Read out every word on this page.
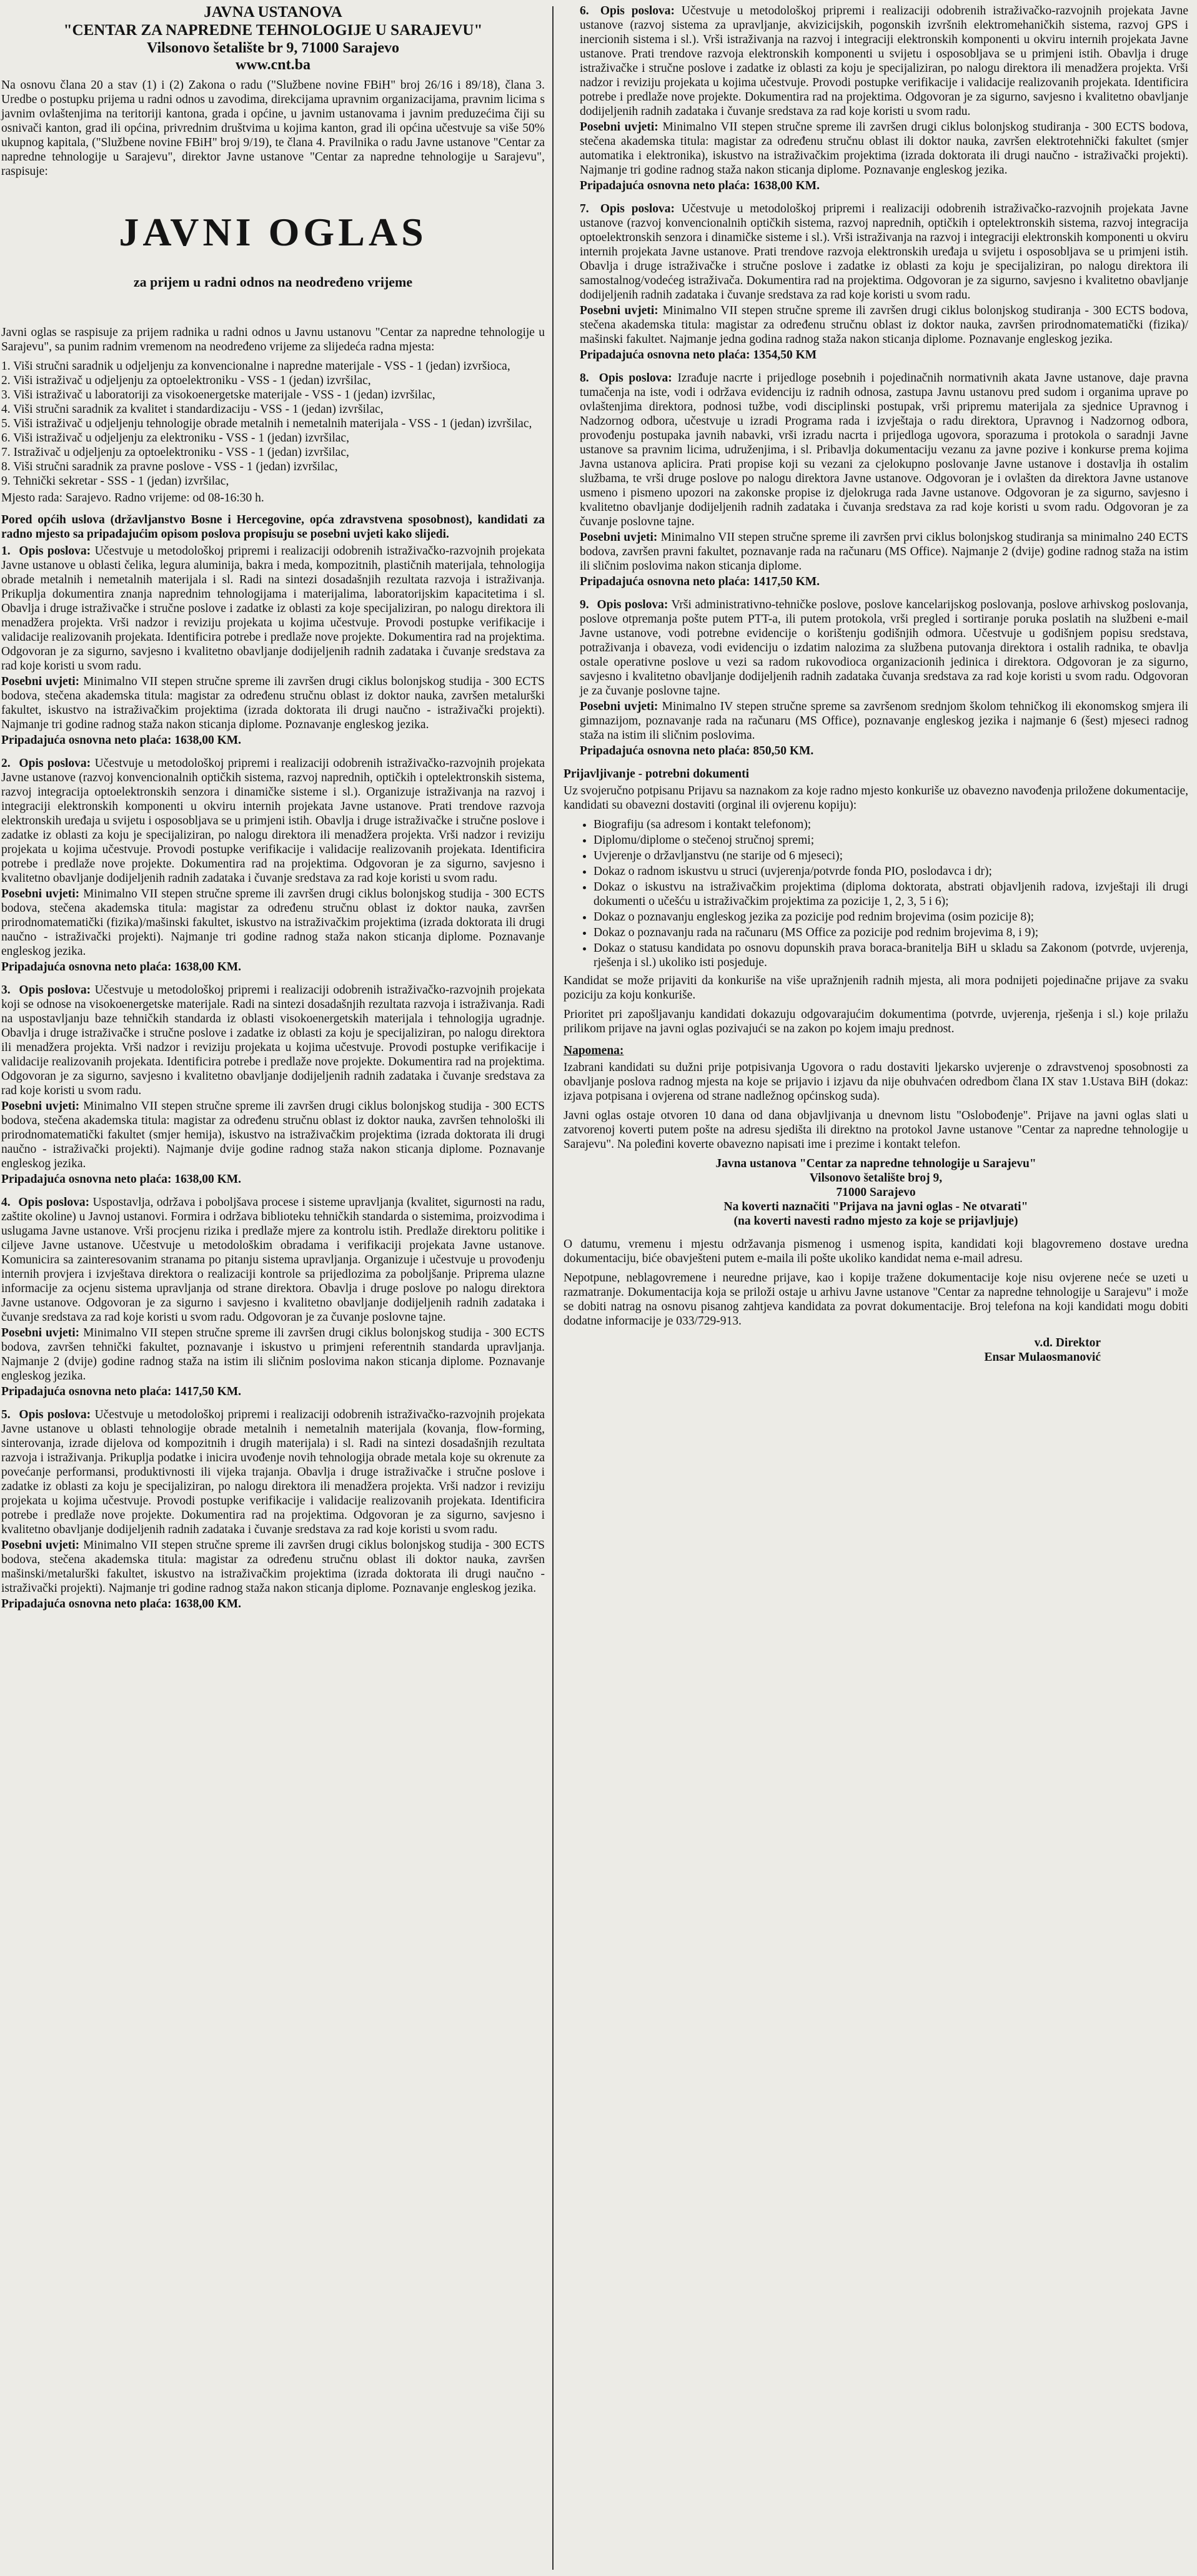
JAVNA USTANOVA

"CENTAR ZA NAPREDNE TEHNOLOGIJE U SARAJEVU"

Vilsonovo šetalište br 9, 71000 Sarajevo

www.cnt.ba

Na osnovu člana 20 a stav (1) i (2) Zakona o radu ("Službene novine FBiH" broj 26/16 i 89/18), člana 3. Uredbe o postupku prijema u radni odnos u zavodima, direkcijama upravnim organizacijama, pravnim licima s javnim ovlaštenjima na teritoriji kantona, grada i općine, u javnim ustanovama i javnim preduzećima čiji su osnivači kanton, grad ili općina, privrednim društvima u kojima kanton, grad ili općina učestvuje sa više 50% ukupnog kapitala, ("Službene novine FBiH" broj 9/19), te člana 4. Pravilnika o radu Javne ustanove "Centar za napredne tehnologije u Sarajevu", direktor Javne ustanove "Centar za napredne tehnologije u Sarajevu", raspisuje:

JAVNI OGLAS
za prijem u radni odnos na neodređeno vrijeme

Javni oglas se raspisuje za prijem radnika u radni odnos u Javnu ustanovu "Centar za napredne tehnologije u Sarajevu", sa punim radnim vremenom na neodređeno vrijeme za slijedeća radna mjesta:

1. Viši stručni saradnik u odjeljenju za konvencionalne i napredne materijale - VSS - 1 (jedan) izvršioca,
2. Viši istraživač u odjeljenju za optoelektroniku - VSS - 1 (jedan) izvršilac,
3. Viši istraživač u laboratoriji za visokoenergetske materijale - VSS - 1 (jedan) izvršilac,
4. Viši stručni saradnik za kvalitet i standardizaciju - VSS - 1 (jedan) izvršilac,
5. Viši istraživač u odjeljenju tehnologije obrade metalnih i nemetalnih materijala - VSS - 1 (jedan) izvršilac,
6. Viši istraživač u odjeljenju za elektroniku - VSS - 1 (jedan) izvršilac,
7. Istraživač u odjeljenju za optoelektroniku - VSS - 1 (jedan) izvršilac,
8. Viši stručni saradnik za pravne poslove - VSS - 1 (jedan) izvršilac,
9. Tehnički sekretar - SSS - 1 (jedan) izvršilac,

Mjesto rada: Sarajevo. Radno vrijeme: od 08-16:30 h.

Pored općih uslova (državljanstvo Bosne i Hercegovine, opća zdravstvena sposobnost), kandidati za radno mjesto sa pripadajućim opisom poslova propisuju se posebni uvjeti kako slijedi.

1. Opis poslova: Učestvuje u metodološkoj pripremi i realizaciji odobrenih istraživačko-razvojnih projekata Javne ustanove u oblasti čelika, legura aluminija, bakra i meda, kompozitnih, plastičnih materijala, tehnologija obrade metalnih i nemetalnih materijala i sl. Radi na sintezi dosadašnjih rezultata razvoja i istraživanja. Prikuplja dokumentira znanja naprednim tehnologijama i materijalima, laboratorijskim kapacitetima i sl. Obavlja i druge istraživačke i stručne poslove i zadatke iz oblasti za koje specijaliziran, po nalogu direktora ili menadžera projekta. Vrši nadzor i reviziju projekata u kojima učestvuje. Provodi postupke verifikacije i validacije realizovanih projekata. Identificira potrebe i predlaže nove projekte. Dokumentira rad na projektima. Odgovoran je za sigurno, savjesno i kvalitetno obavljanje dodijeljenih radnih zadataka i čuvanje sredstava za rad koje koristi u svom radu.

Posebni uvjeti: Minimalno VII stepen stručne spreme ili završen drugi ciklus bolonjskog studija - 300 ECTS bodova, stečena akademska titula: magistar za određenu stručnu oblast iz doktor nauka, završen metalurški fakultet, iskustvo na istraživačkim projektima (izrada doktorata ili drugi naučno - istraživački projekti). Najmanje tri godine radnog staža nakon sticanja diplome. Poznavanje engleskog jezika.

Pripadajuća osnovna neto plaća: 1638,00 KM.

2. Opis poslova: Učestvuje u metodološkoj pripremi i realizaciji odobrenih istraživačko-razvojnih projekata Javne ustanove (razvoj konvencionalnih optičkih sistema, razvoj naprednih, optičkih i optelektronskih sistema, razvoj integracija optoelektronskih senzora i dinamičke sisteme i sl.). Organizuje istraživanja na razvoj i integraciji elektronskih komponenti u okviru internih projekata Javne ustanove. Prati trendove razvoja elektronskih uređaja u svijetu i osposobljava se u primjeni istih. Obavlja i druge istraživačke i stručne poslove i zadatke iz oblasti za koju je specijaliziran, po nalogu direktora ili menadžera projekta. Vrši nadzor i reviziju projekata u kojima učestvuje. Provodi postupke verifikacije i validacije realizovanih projekata. Identificira potrebe i predlaže nove projekte. Dokumentira rad na projektima. Odgovoran je za sigurno, savjesno i kvalitetno obavljanje dodijeljenih radnih zadataka i čuvanje sredstava za rad koje koristi u svom radu.

Posebni uvjeti: Minimalno VII stepen stručne spreme ili završen drugi ciklus bolonjskog studija - 300 ECTS bodova, stečena akademska titula: magistar za određenu stručnu oblast iz doktor nauka, završen prirodnomatematički (fizika)/mašinski fakultet, iskustvo na istraživačkim projektima (izrada doktorata ili drugi naučno - istraživački projekti). Najmanje tri godine radnog staža nakon sticanja diplome. Poznavanje engleskog jezika.

Pripadajuća osnovna neto plaća: 1638,00 KM.

3. Opis poslova: Učestvuje u metodološkoj pripremi i realizaciji odobrenih istraživačko-razvojnih projekata koji se odnose na visokoenergetske materijale. Radi na sintezi dosadašnjih rezultata razvoja i istraživanja. Radi na uspostavljanju baze tehničkih standarda iz oblasti visokoenergetskih materijala i tehnologija ugradnje. Obavlja i druge istraživačke i stručne poslove i zadatke iz oblasti za koju je specijaliziran, po nalogu direktora ili menadžera projekta. Vrši nadzor i reviziju projekata u kojima učestvuje. Provodi postupke verifikacije i validacije realizovanih projekata. Identificira potrebe i predlaže nove projekte. Dokumentira rad na projektima. Odgovoran je za sigurno, savjesno i kvalitetno obavljanje dodijeljenih radnih zadataka i čuvanje sredstava za rad koje koristi u svom radu.

Posebni uvjeti: Minimalno VII stepen stručne spreme ili završen drugi ciklus bolonjskog studija - 300 ECTS bodova, stečena akademska titula: magistar za određenu stručnu oblast iz doktor nauka, završen tehnološki ili prirodnomatematički fakultet (smjer hemija), iskustvo na istraživačkim projektima (izrada doktorata ili drugi naučno - istraživački projekti). Najmanje dvije godine radnog staža nakon sticanja diplome. Poznavanje engleskog jezika.

Pripadajuća osnovna neto plaća: 1638,00 KM.

4. Opis poslova: Uspostavlja, održava i poboljšava procese i sisteme upravljanja (kvalitet, sigurnosti na radu, zaštite okoline) u Javnoj ustanovi. Formira i održava biblioteku tehničkih standarda o sistemima, proizvodima i uslugama Javne ustanove. Vrši procjenu rizika i predlaže mjere za kontrolu istih. Predlaže direktoru politike i ciljeve Javne ustanove. Učestvuje u metodološkim obradama i verifikaciji projekata Javne ustanove. Komunicira sa zainteresovanim stranama po pitanju sistema upravljanja. Organizuje i učestvuje u provođenju internih provjera i izvještava direktora o realizaciji kontrole sa prijedlozima za poboljšanje. Priprema ulazne informacije za ocjenu sistema upravljanja od strane direktora. Obavlja i druge poslove po nalogu direktora Javne ustanove. Odgovoran je za sigurno i savjesno i kvalitetno obavljanje dodijeljenih radnih zadataka i čuvanje sredstava za rad koje koristi u svom radu. Odgovoran je za čuvanje poslovne tajne.

Posebni uvjeti: Minimalno VII stepen stručne spreme ili završen drugi ciklus bolonjskog studija - 300 ECTS bodova, završen tehnički fakultet, poznavanje i iskustvo u primjeni referentnih standarda upravljanja. Najmanje 2 (dvije) godine radnog staža na istim ili sličnim poslovima nakon sticanja diplome. Poznavanje engleskog jezika.

Pripadajuća osnovna neto plaća: 1417,50 KM.

5. Opis poslova: Učestvuje u metodološkoj pripremi i realizaciji odobrenih istraživačko-razvojnih projekata Javne ustanove u oblasti tehnologije obrade metalnih i nemetalnih materijala (kovanja, flow-forming, sinterovanja, izrade dijelova od kompozitnih i drugih materijala) i sl. Radi na sintezi dosadašnjih rezultata razvoja i istraživanja. Prikuplja podatke i inicira uvođenje novih tehnologija obrade metala koje su okrenute za povećanje performansi, produktivnosti ili vijeka trajanja. Obavlja i druge istraživačke i stručne poslove i zadatke iz oblasti za koju je specijaliziran, po nalogu direktora ili menadžera projekta. Vrši nadzor i reviziju projekata u kojima učestvuje. Provodi postupke verifikacije i validacije realizovanih projekata. Identificira potrebe i predlaže nove projekte. Dokumentira rad na projektima. Odgovoran je za sigurno, savjesno i kvalitetno obavljanje dodijeljenih radnih zadataka i čuvanje sredstava za rad koje koristi u svom radu.

Posebni uvjeti: Minimalno VII stepen stručne spreme ili završen drugi ciklus bolonjskog studija - 300 ECTS bodova, stečena akademska titula: magistar za određenu stručnu oblast ili doktor nauka, završen mašinski/metalurški fakultet, iskustvo na istraživačkim projektima (izrada doktorata ili drugi naučno - istraživački projekti). Najmanje tri godine radnog staža nakon sticanja diplome. Poznavanje engleskog jezika.

Pripadajuća osnovna neto plaća: 1638,00 KM.

6. Opis poslova: Učestvuje u metodološkoj pripremi i realizaciji odobrenih istraživačko-razvojnih projekata Javne ustanove (razvoj sistema za upravljanje, akvizicijskih, pogonskih izvršnih elektromehaničkih sistema, razvoj GPS i inercionih sistema i sl.). Vrši istraživanja na razvoj i integraciji elektronskih komponenti u okviru internih projekata Javne ustanove. Prati trendove razvoja elektronskih komponenti u svijetu i osposobljava se u primjeni istih. Obavlja i druge istraživačke i stručne poslove i zadatke iz oblasti za koju je specijaliziran, po nalogu direktora ili menadžera projekta. Vrši nadzor i reviziju projekata u kojima učestvuje. Provodi postupke verifikacije i validacije realizovanih projekata. Identificira potrebe i predlaže nove projekte. Dokumentira rad na projektima. Odgovoran je za sigurno, savjesno i kvalitetno obavljanje dodijeljenih radnih zadataka i čuvanje sredstava za rad koje koristi u svom radu.

Posebni uvjeti: Minimalno VII stepen stručne spreme ili završen drugi ciklus bolonjskog studiranja - 300 ECTS bodova, stečena akademska titula: magistar za određenu stručnu oblast ili doktor nauka, završen elektrotehnički fakultet (smjer automatika i elektronika), iskustvo na istraživačkim projektima (izrada doktorata ili drugi naučno - istraživački projekti). Najmanje tri godine radnog staža nakon sticanja diplome. Poznavanje engleskog jezika.

Pripadajuća osnovna neto plaća: 1638,00 KM.

7. Opis poslova: Učestvuje u metodološkoj pripremi i realizaciji odobrenih istraživačko-razvojnih projekata Javne ustanove (razvoj konvencionalnih optičkih sistema, razvoj naprednih, optičkih i optelektronskih sistema, razvoj integracija optoelektronskih senzora i dinamičke sisteme i sl.). Vrši istraživanja na razvoj i integraciji elektronskih komponenti u okviru internih projekata Javne ustanove. Prati trendove razvoja elektronskih uređaja u svijetu i osposobljava se u primjeni istih. Obavlja i druge istraživačke i stručne poslove i zadatke iz oblasti za koju je specijaliziran, po nalogu direktora ili samostalnog/vodećeg istraživača. Dokumentira rad na projektima. Odgovoran je za sigurno, savjesno i kvalitetno obavljanje dodijeljenih radnih zadataka i čuvanje sredstava za rad koje koristi u svom radu.

Posebni uvjeti: Minimalno VII stepen stručne spreme ili završen drugi ciklus bolonjskog studiranja - 300 ECTS bodova, stečena akademska titula: magistar za određenu stručnu oblast iz doktor nauka, završen prirodnomatematički (fizika)/ mašinski fakultet. Najmanje jedna godina radnog staža nakon sticanja diplome. Poznavanje engleskog jezika.

Pripadajuća osnovna neto plaća: 1354,50 KM

8. Opis poslova: Izrađuje nacrte i prijedloge posebnih i pojedinačnih normativnih akata Javne ustanove, daje pravna tumačenja na iste, vodi i održava evidenciju iz radnih odnosa, zastupa Javnu ustanovu pred sudom i organima uprave po ovlaštenjima direktora, podnosi tužbe, vodi disciplinski postupak, vrši pripremu materijala za sjednice Upravnog i Nadzornog odbora, učestvuje u izradi Programa rada i izvještaja o radu direktora, Upravnog i Nadzornog odbora, provođenju postupaka javnih nabavki, vrši izradu nacrta i prijedloga ugovora, sporazuma i protokola o saradnji Javne ustanove sa pravnim licima, udruženjima, i sl. Pribavlja dokumentaciju vezanu za javne pozive i konkurse prema kojima Javna ustanova aplicira. Prati propise koji su vezani za cjelokupno poslovanje Javne ustanove i dostavlja ih ostalim službama, te vrši druge poslove po nalogu direktora Javne ustanove. Odgovoran je i ovlašten da direktora Javne ustanove usmeno i pismeno upozori na zakonske propise iz djelokruga rada Javne ustanove. Odgovoran je za sigurno, savjesno i kvalitetno obavljanje dodijeljenih radnih zadataka i čuvanja sredstava za rad koje koristi u svom radu. Odgovoran je za čuvanje poslovne tajne.

Posebni uvjeti: Minimalno VII stepen stručne spreme ili završen prvi ciklus bolonjskog studiranja sa minimalno 240 ECTS bodova, završen pravni fakultet, poznavanje rada na računaru (MS Office). Najmanje 2 (dvije) godine radnog staža na istim ili sličnim poslovima nakon sticanja diplome.

Pripadajuća osnovna neto plaća: 1417,50 KM.

9. Opis poslova: Vrši administrativno-tehničke poslove, poslove kancelarijskog poslovanja, poslove arhivskog poslovanja, poslove otpremanja pošte putem PTT-a, ili putem protokola, vrši pregled i sortiranje poruka poslatih na službeni e-mail Javne ustanove, vodi potrebne evidencije o korištenju godišnjih odmora. Učestvuje u godišnjem popisu sredstava, potraživanja i obaveza, vodi evidenciju o izdatim nalozima za službena putovanja direktora i ostalih radnika, te obavlja ostale operativne poslove u vezi sa radom rukovodioca organizacionih jedinica i direktora. Odgovoran je za sigurno, savjesno i kvalitetno obavljanje dodijeljenih radnih zadataka čuvanja sredstava za rad koje koristi u svom radu. Odgovoran je za čuvanje poslovne tajne.

Posebni uvjeti: Minimalno IV stepen stručne spreme sa završenom srednjom školom tehničkog ili ekonomskog smjera ili gimnazijom, poznavanje rada na računaru (MS Office), poznavanje engleskog jezika i najmanje 6 (šest) mjeseci radnog staža na istim ili sličnim poslovima.

Pripadajuća osnovna neto plaća: 850,50 KM.

Prijavljivanje - potrebni dokumenti

Uz svojeručno potpisanu Prijavu sa naznakom za koje radno mjesto konkuriše uz obavezno navođenja priložene dokumentacije, kandidati su obavezni dostaviti (orginal ili ovjerenu kopiju):

• Biografiju (sa adresom i kontakt telefonom);
• Diplomu/diplome o stečenoj stručnoj spremi;
• Uvjerenje o državljanstvu (ne starije od 6 mjeseci);
• Dokaz o radnom iskustvu u struci (uvjerenja/potvrde fonda PIO, poslodavca i dr);
• Dokaz o iskustvu na istraživačkim projektima (diploma doktorata, abstrati objavljenih radova, izvještaji ili drugi dokumenti o učešću u istraživačkim projektima za pozicije 1, 2, 3, 5 i 6);
• Dokaz o poznavanju engleskog jezika za pozicije pod rednim brojevima (osim pozicije 8);
• Dokaz o poznavanju rada na računaru (MS Office za pozicije pod rednim brojevima 8, i 9);
• Dokaz o statusu kandidata po osnovu dopunskih prava boraca-branitelja BiH u skladu sa Zakonom (potvrde, uvjerenja, rješenja i sl.) ukoliko isti posjeduje.

Kandidat se može prijaviti da konkuriše na više upražnjenih radnih mjesta, ali mora podnijeti pojedinačne prijave za svaku poziciju za koju konkuriše.

Prioritet pri zapošljavanju kandidati dokazuju odgovarajućim dokumentima (potvrde, uvjerenja, rješenja i sl.) koje prilažu prilikom prijave na javni oglas pozivajući se na zakon po kojem imaju prednost.

Napomena:

Izabrani kandidati su dužni prije potpisivanja Ugovora o radu dostaviti ljekarsko uvjerenje o zdravstvenoj sposobnosti za obavljanje poslova radnog mjesta na koje se prijavio i izjavu da nije obuhvaćen odredbom člana IX stav 1.Ustava BiH (dokaz: izjava potpisana i ovjerena od strane nadležnog općinskog suda).

Javni oglas ostaje otvoren 10 dana od dana objavljivanja u dnevnom listu "Oslobođenje". Prijave na javni oglas slati u zatvorenoj koverti putem pošte na adresu sjedišta ili direktno na protokol Javne ustanove "Centar za napredne tehnologije u Sarajevu". Na poleđini koverte obavezno napisati ime i prezime i kontakt telefon.

Javna ustanova "Centar za napredne tehnologije u Sarajevu"
Vilsonovo šetalište broj 9,
71000 Sarajevo
Na koverti naznačiti "Prijava na javni oglas - Ne otvarati"
(na koverti navesti radno mjesto za koje se prijavljuje)

O datumu, vremenu i mjestu održavanja pismenog i usmenog ispita, kandidati koji blagovremeno dostave uredna dokumentaciju, biće obavješteni putem e-maila ili pošte ukoliko kandidat nema e-mail adresu.

Nepotpune, neblagovremene i neuredne prijave, kao i kopije tražene dokumentacije koje nisu ovjerene neće se uzeti u razmatranje. Dokumentacija koja se priloži ostaje u arhivu Javne ustanove "Centar za napredne tehnologije u Sarajevu" i može se dobiti natrag na osnovu pisanog zahtjeva kandidata za povrat dokumentacije. Broj telefona na koji kandidati mogu dobiti dodatne informacije je 033/729-913.

v.d. Direktor
Ensar Mulaosmanović
